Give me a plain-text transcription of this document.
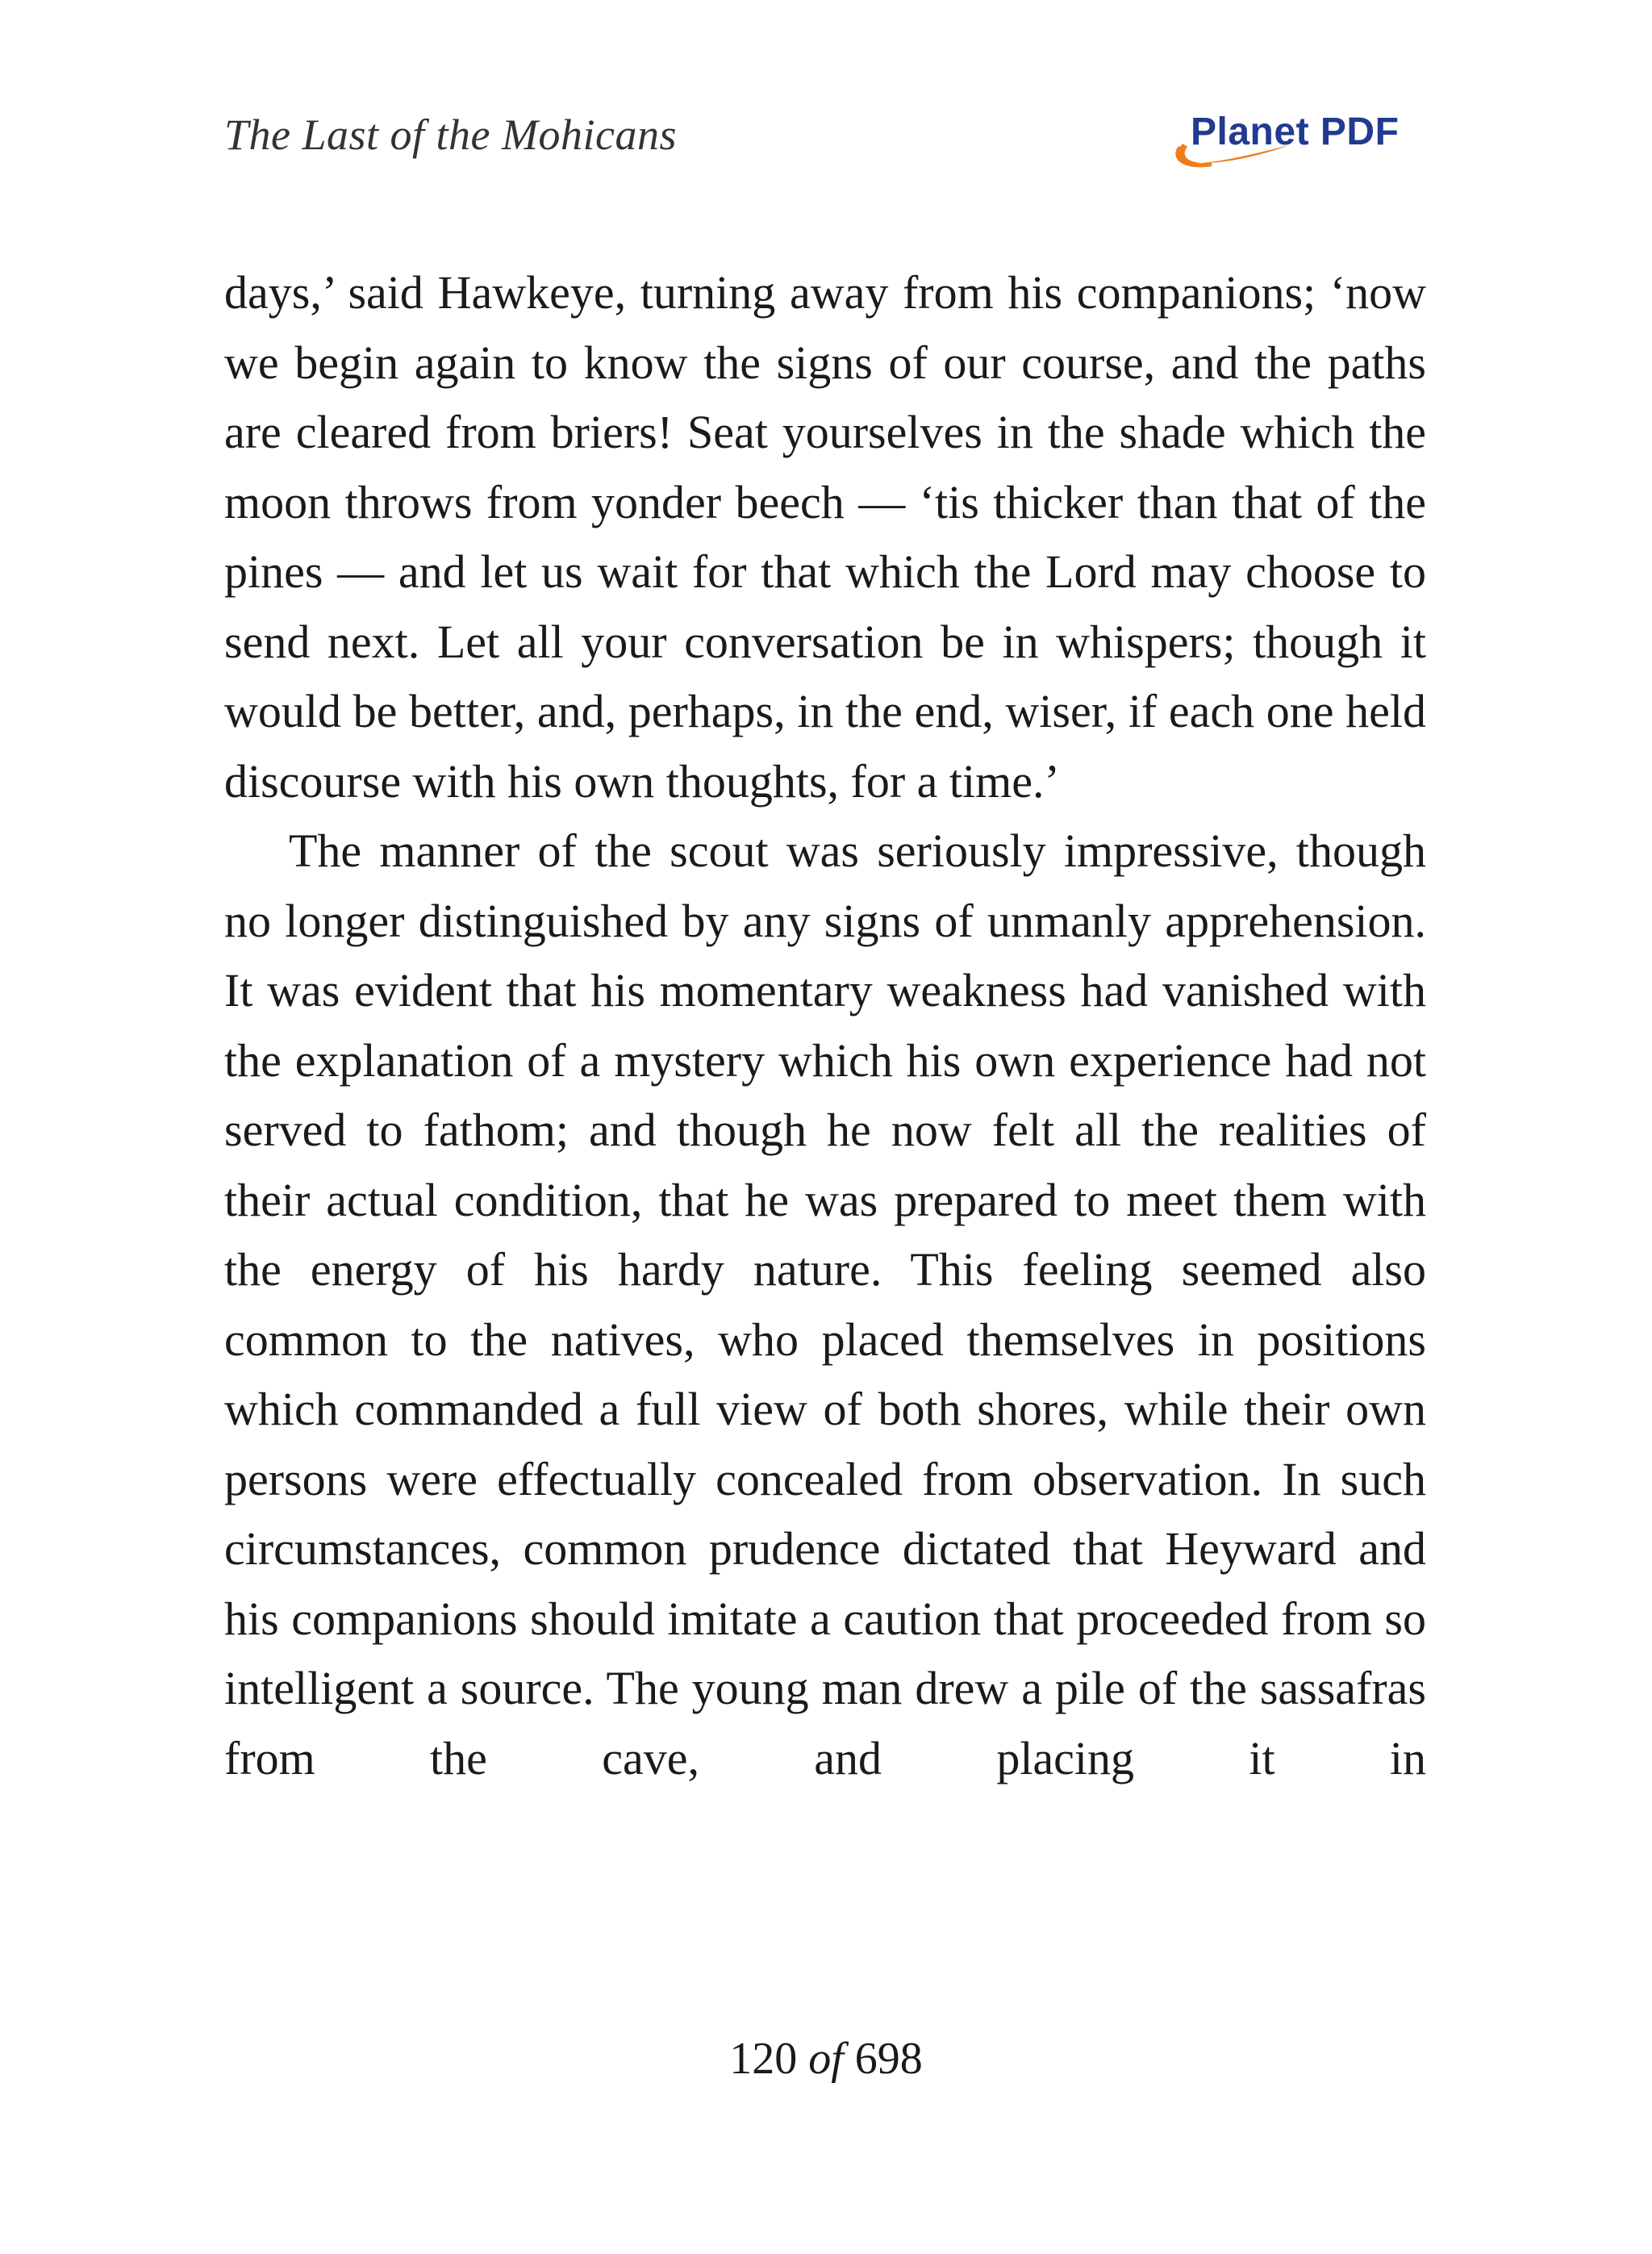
The Last of the Mohicans	Planet PDF

days,’ said Hawkeye, turning away from his companions; ‘now we begin again to know the signs of our course, and the paths are cleared from briers! Seat yourselves in the shade which the moon throws from yonder beech — ‘tis thicker than that of the pines — and let us wait for that which the Lord may choose to send next. Let all your conversation be in whispers; though it would be better, and, perhaps, in the end, wiser, if each one held discourse with his own thoughts, for a time.’

The manner of the scout was seriously impressive, though no longer distinguished by any signs of unmanly apprehension. It was evident that his momentary weakness had vanished with the explanation of a mystery which his own experience had not served to fathom; and though he now felt all the realities of their actual condition, that he was prepared to meet them with the energy of his hardy nature. This feeling seemed also common to the natives, who placed themselves in positions which commanded a full view of both shores, while their own persons were effectually concealed from observation. In such circumstances, common prudence dictated that Heyward and his companions should imitate a caution that proceeded from so intelligent a source. The young man drew a pile of the sassafras from the cave, and placing it in

120 of 698
